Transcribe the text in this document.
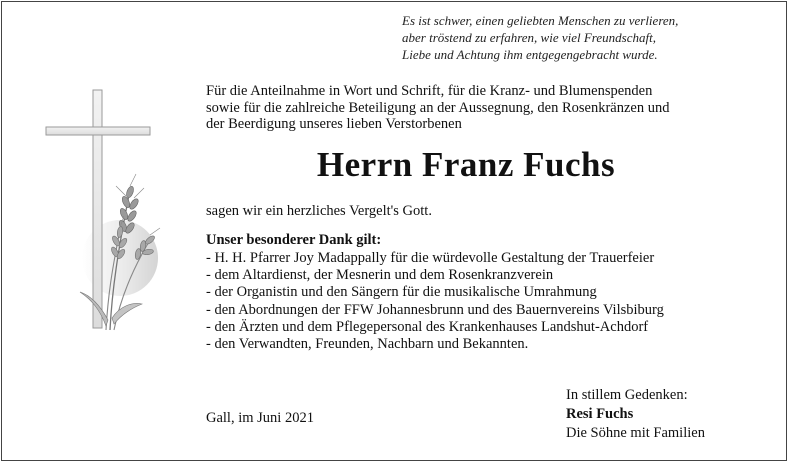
Es ist schwer, einen geliebten Menschen zu verlieren,
aber tröstend zu erfahren, wie viel Freundschaft,
Liebe und Achtung ihm entgegengebracht wurde.
Für die Anteilnahme in Wort und Schrift, für die Kranz- und Blumenspenden
sowie für die zahlreiche Beteiligung an der Aussegnung, den Rosenkränzen und
der Beerdigung unseres lieben Verstorbenen
Herrn Franz Fuchs
sagen wir ein herzliches Vergelt's Gott.
Unser besonderer Dank gilt:
- H. H. Pfarrer Joy Madappally für die würdevolle Gestaltung der Trauerfeier
- dem Altardienst, der Mesnerin und dem Rosenkranzverein
- der Organistin und den Sängern für die musikalische Umrahmung
- den Abordnungen der FFW Johannesbrunn und des Bauernvereins Vilsbiburg
- den Ärzten und dem Pflegepersonal des Krankenhauses Landshut-Achdorf
- den Verwandten, Freunden, Nachbarn und Bekannten.
Gall, im Juni 2021
In stillem Gedenken:
Resi Fuchs
Die Söhne mit Familien
